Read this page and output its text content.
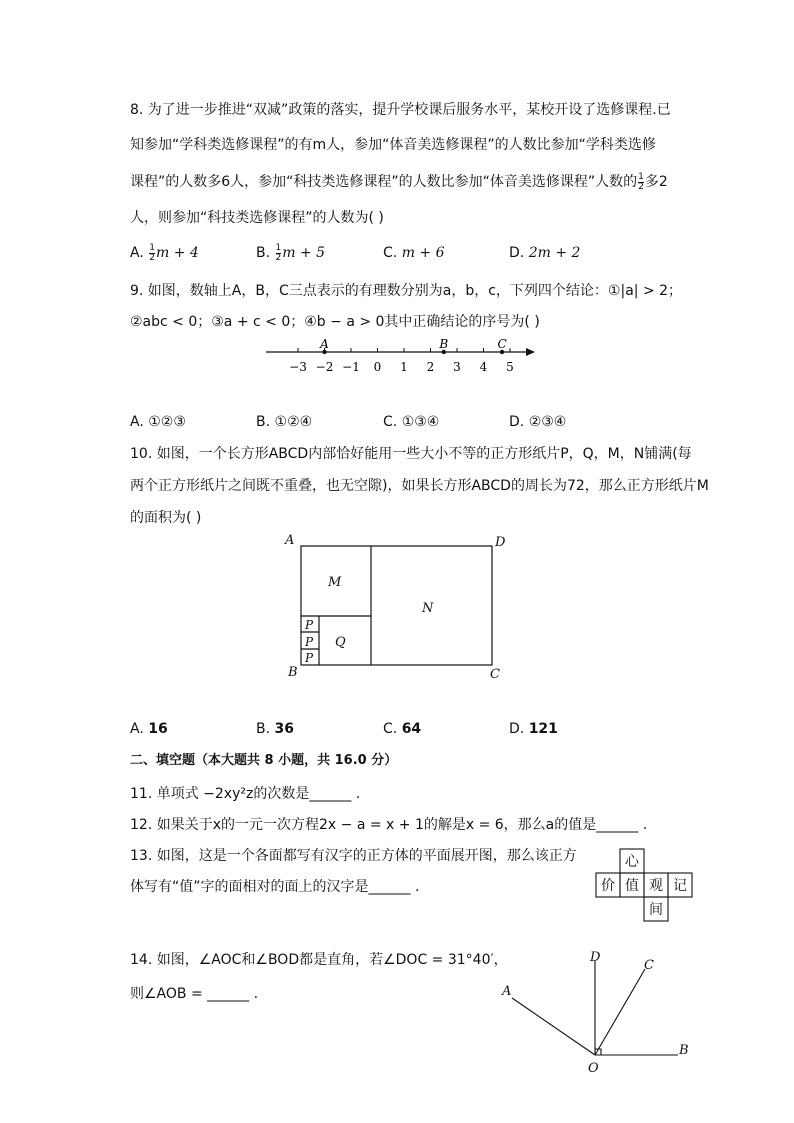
8. 为了进一步推进“双减”政策的落实，提升学校课后服务水平，某校开设了选修课程.已
知参加“学科类选修课程”的有m人，参加“体音美选修课程”的人数比参加“学科类选修
课程”的人数多6人，参加“科技类选修课程”的人数比参加“体音美选修课程”人数的 $\frac{1}{2}$ 多2
人，则参加“科技类选修课程”的人数为( )
A. $\frac{1}{2}$ m + 4	B. $\frac{1}{2}$ m + 5	C. m + 6	D. 2m + 2
9. 如图，数轴上A，B，C三点表示的有理数分别为a，b，c，下列四个结论：①|a| > 2；
②abc < 0；③a + c < 0；④b − a > 0其中正确结论的序号为( )
−3 −2 −1 0 1 2 3 4 5
A	B	C
A. ①②③	B. ①②④	C. ①③④	D. ②③④
10. 如图，一个长方形ABCD内部恰好能用一些大小不等的正方形纸片P，Q，M，N铺满(每
两个正方形纸片之间既不重叠，也无空隙)，如果长方形ABCD的周长为72，那么正方形纸片M
的面积为( )
A	D
B	C
M
N
Q
P
P
P
A. 16	B. 36	C. 64	D. 121
二、填空题（本大题共 8 小题，共 16.0 分）
11. 单项式 −2xy²z的次数是______ .
12. 如果关于x的一元一次方程2x − a = x + 1的解是x = 6，那么a的值是______ .
13. 如图，这是一个各面都写有汉字的正方体的平面展开图，那么该正方
体写有“值”字的面相对的面上的汉字是______ .
心
价 值 观 记
间
14. 如图，∠AOC和∠BOD都是直角，若∠DOC = 31°40′，
则∠AOB = ______ .
D
C
A
B
O
